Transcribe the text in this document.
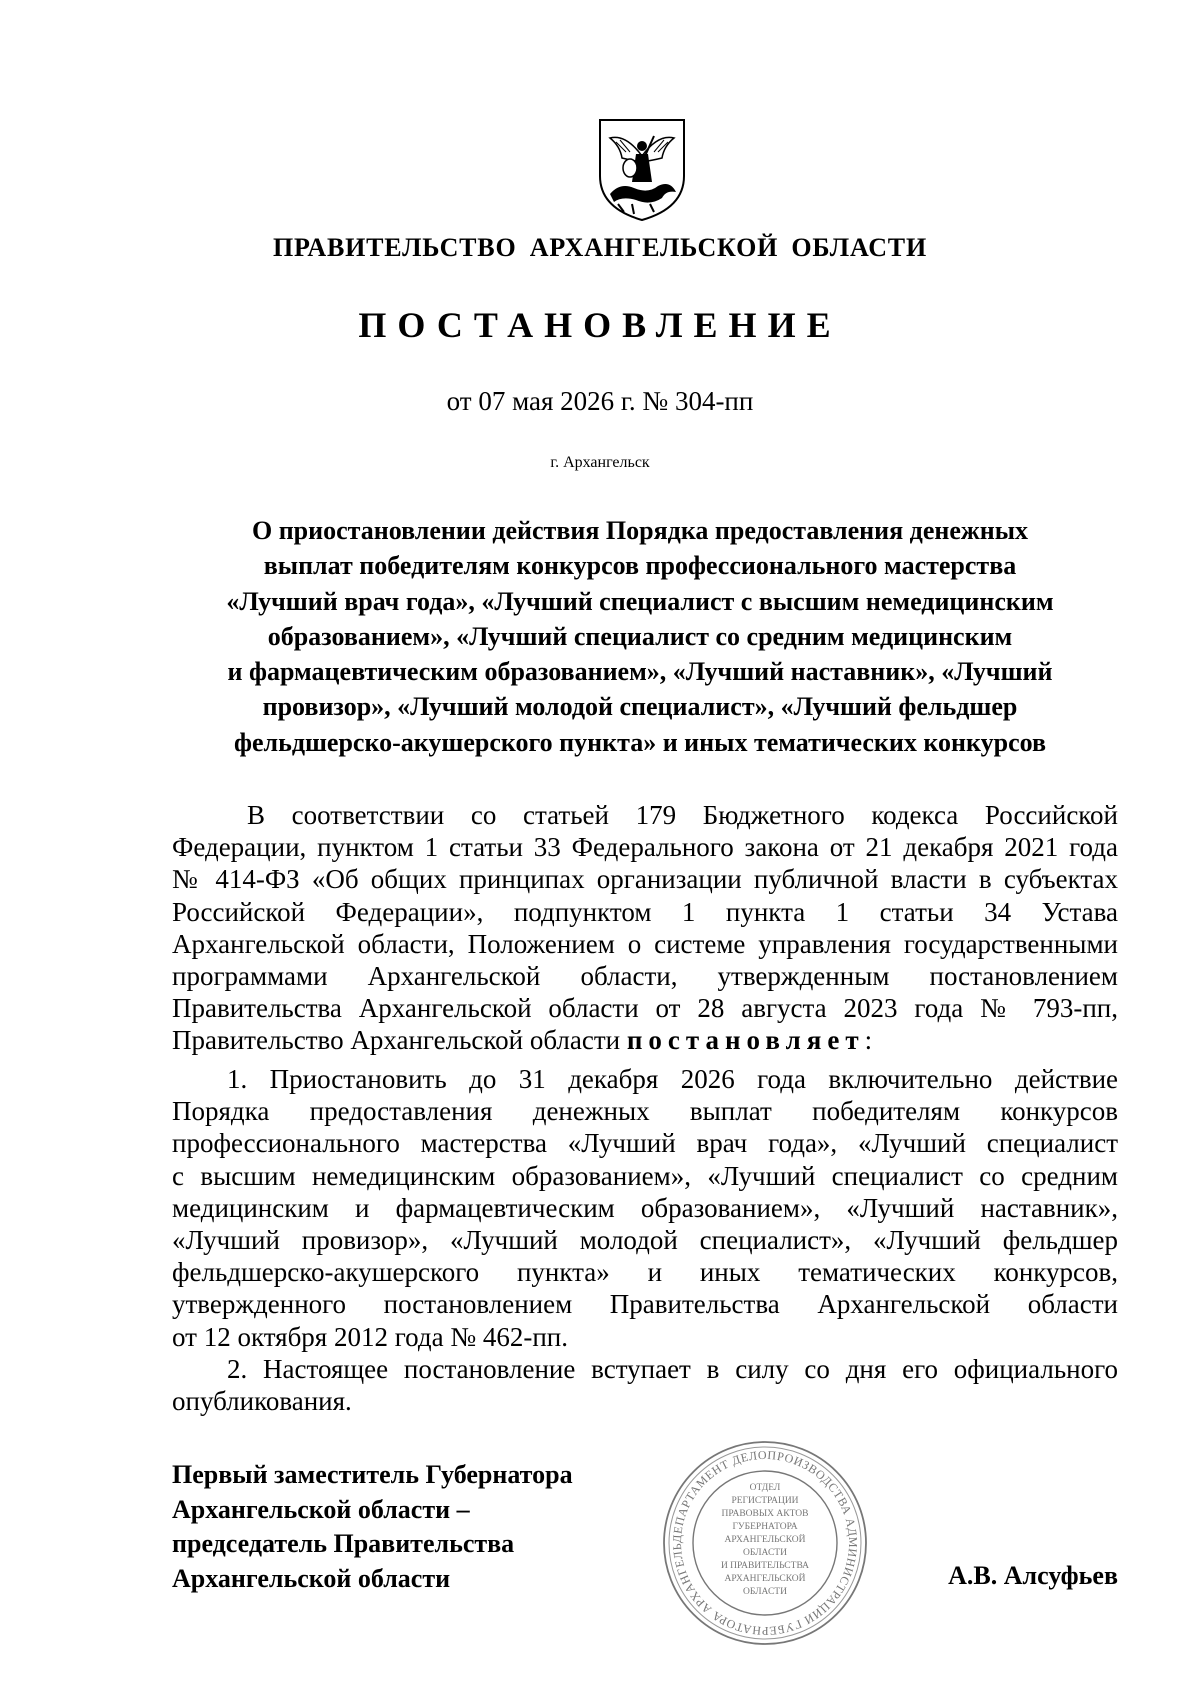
ПРАВИТЕЛЬСТВО АРХАНГЕЛЬСКОЙ ОБЛАСТИ
ПОСТАНОВЛЕНИЕ
от 07 мая 2026 г. № 304-пп
г. Архангельск
О приостановлении действия Порядка предоставления денежных
выплат победителям конкурсов профессионального мастерства
«Лучший врач года», «Лучший специалист с высшим немедицинским
образованием», «Лучший специалист со средним медицинским
и фармацевтическим образованием», «Лучший наставник», «Лучший
провизор», «Лучший молодой специалист», «Лучший фельдшер
фельдшерско-акушерского пункта» и иных тематических конкурсов
В соответствии со статьей 179 Бюджетного кодекса Российской
Федерации, пунктом 1 статьи 33 Федерального закона от 21 декабря 2021 года
№ 414-ФЗ «Об общих принципах организации публичной власти в субъектах
Российской Федерации», подпунктом 1 пункта 1 статьи 34 Устава
Архангельской области, Положением о системе управления государственными
программами Архангельской области, утвержденным постановлением
Правительства Архангельской области от 28 августа 2023 года № 793-пп,
Правительство Архангельской области постановляет:
1. Приостановить до 31 декабря 2026 года включительно действие
Порядка предоставления денежных выплат победителям конкурсов
профессионального мастерства «Лучший врач года», «Лучший специалист
с высшим немедицинским образованием», «Лучший специалист со средним
медицинским и фармацевтическим образованием», «Лучший наставник»,
«Лучший провизор», «Лучший молодой специалист», «Лучший фельдшер
фельдшерско-акушерского пункта» и иных тематических конкурсов,
утвержденного постановлением Правительства Архангельской области
от 12 октября 2012 года № 462-пп.
2. Настоящее постановление вступает в силу со дня его официального
опубликования.
Первый заместитель Губернатора
Архангельской области –
председатель Правительства
Архангельской области
ДЕПАРТАМЕНТ ДЕЛОПРОИЗВОДСТВА АДМИНИСТРАЦИИ ГУБЕРНАТОРА АРХАНГЕЛЬ
ОТДЕЛ
РЕГИСТРАЦИИ
ПРАВОВЫХ АКТОВ
ГУБЕРНАТОРА
АРХАНГЕЛЬСКОЙ
ОБЛАСТИ
И ПРАВИТЕЛЬСТВА
АРХАНГЕЛЬСКОЙ
ОБЛАСТИ
А.В. Алсуфьев
